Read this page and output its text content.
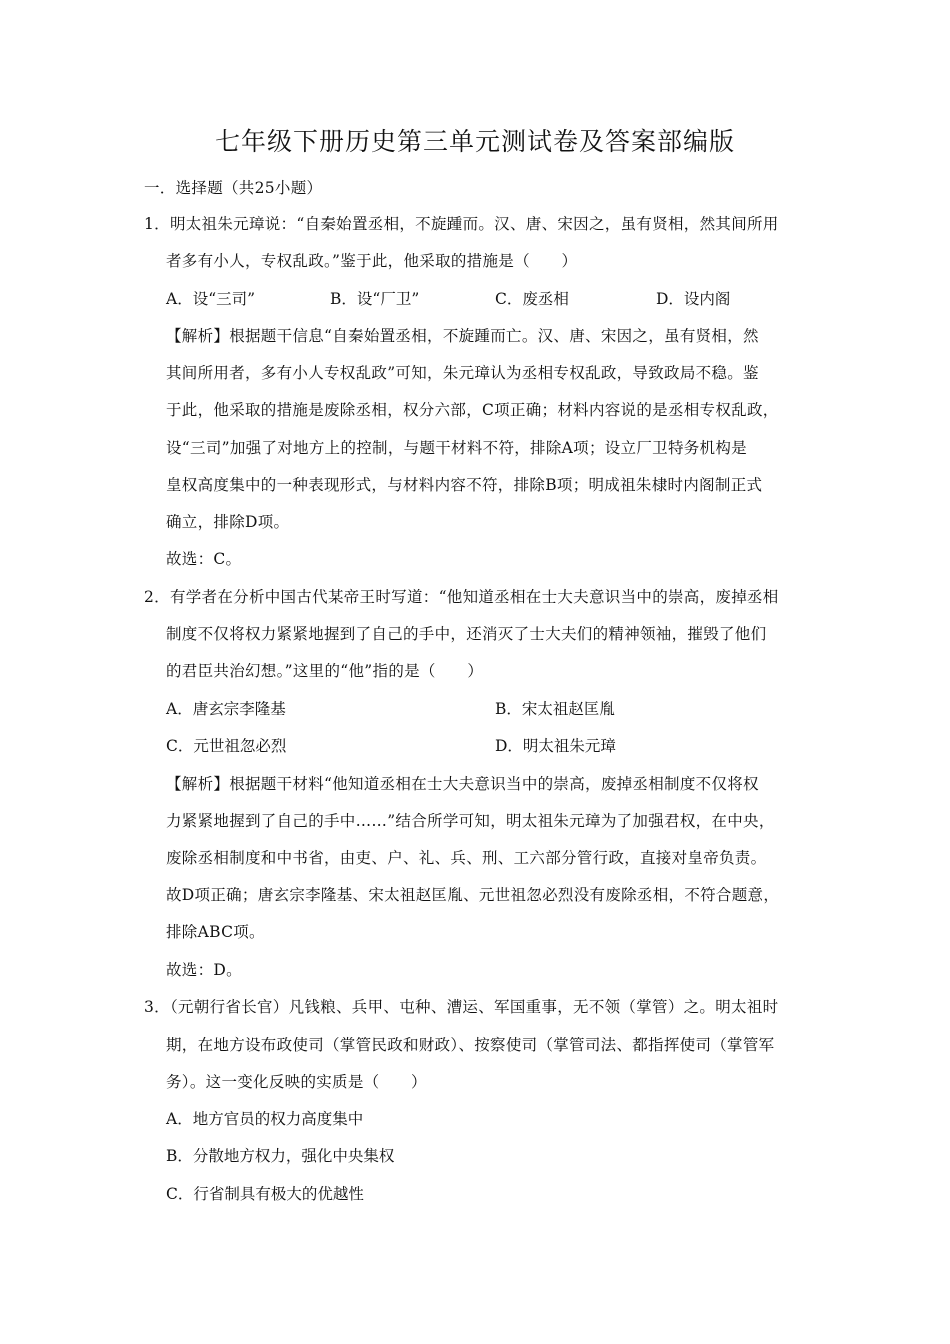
七年级下册历史第三单元测试卷及答案部编版
一．选择题（共25小题）
1．明太祖朱元璋说：“自秦始置丞相，不旋踵而。汉、唐、宋因之，虽有贤相，然其间所用
者多有小人，专权乱政。”鉴于此，他采取的措施是（　　）
A．设“三司”	B．设“厂卫”	C．废丞相	D．设内阁
【解析】根据题干信息“自秦始置丞相，不旋踵而亡。汉、唐、宋因之，虽有贤相，然
其间所用者，多有小人专权乱政”可知，朱元璋认为丞相专权乱政，导致政局不稳。鉴
于此，他采取的措施是废除丞相，权分六部，C项正确；材料内容说的是丞相专权乱政，
设“三司”加强了对地方上的控制，与题干材料不符，排除A项；设立厂卫特务机构是
皇权高度集中的一种表现形式，与材料内容不符，排除B项；明成祖朱棣时内阁制正式
确立，排除D项。
故选：C。
2．有学者在分析中国古代某帝王时写道：“他知道丞相在士大夫意识当中的崇高，废掉丞相
制度不仅将权力紧紧地握到了自己的手中，还消灭了士大夫们的精神领袖，摧毁了他们
的君臣共治幻想。”这里的“他”指的是（　　）
A．唐玄宗李隆基	B．宋太祖赵匡胤
C．元世祖忽必烈	D．明太祖朱元璋
【解析】根据题干材料“他知道丞相在士大夫意识当中的崇高，废掉丞相制度不仅将权
力紧紧地握到了自己的手中……”结合所学可知，明太祖朱元璋为了加强君权，在中央，
废除丞相制度和中书省，由吏、户、礼、兵、刑、工六部分管行政，直接对皇帝负责。
故D项正确；唐玄宗李隆基、宋太祖赵匡胤、元世祖忽必烈没有废除丞相，不符合题意，
排除ABC项。
故选：D。
3．（元朝行省长官）凡钱粮、兵甲、屯种、漕运、军国重事，无不领（掌管）之。明太祖时
期，在地方设布政使司（掌管民政和财政）、按察使司（掌管司法、都指挥使司（掌管军
务）。这一变化反映的实质是（　　）
A．地方官员的权力高度集中
B．分散地方权力，强化中央集权
C．行省制具有极大的优越性
